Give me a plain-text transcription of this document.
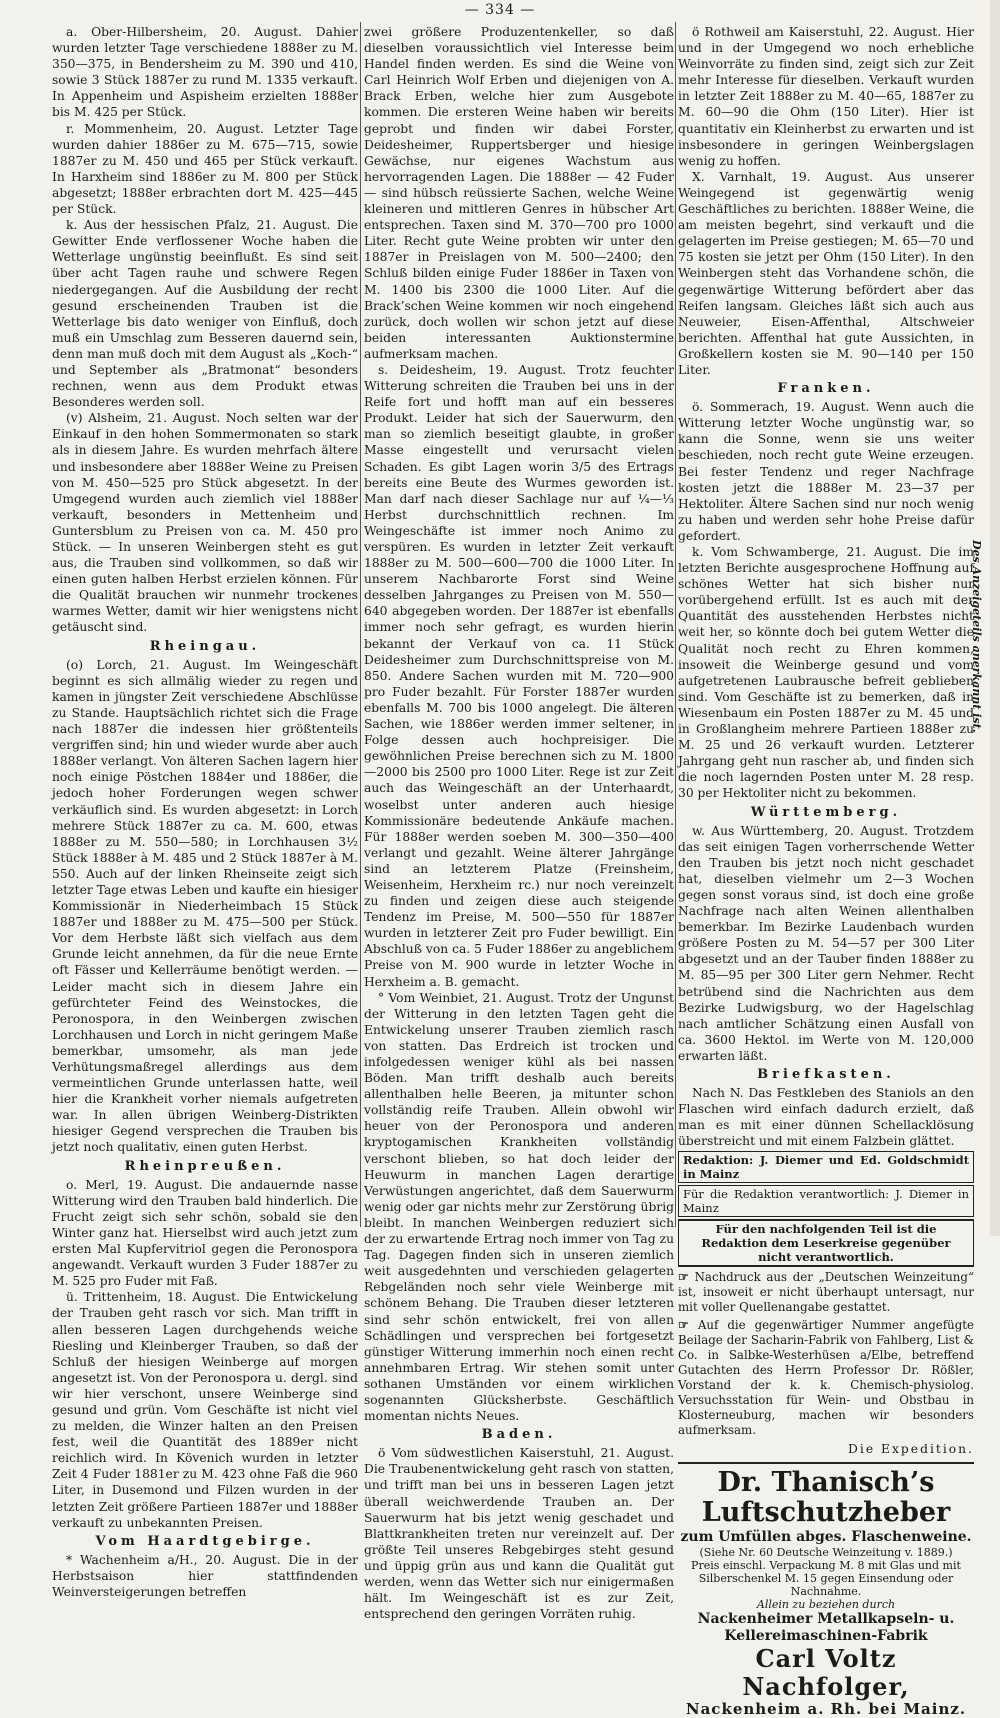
— 334 —

a. Ober-Hilbersheim, 20. August. Dahier wurden letzter Tage verschiedene 1888er zu M. 350—375, in Bendersheim zu M. 390 und 410, sowie 3 Stück 1887er zu rund M. 1335 verkauft. In Appenheim und Aspisheim erzielten 1888er bis M. 425 per Stück.

r. Mommenheim, 20. August. Letzter Tage wurden dahier 1886er zu M. 675—715, sowie 1887er zu M. 450 und 465 per Stück verkauft. In Harxheim sind 1886er zu M. 800 per Stück abgesetzt; 1888er erbrachten dort M. 425—445 per Stück.

k. Aus der hessischen Pfalz, 21. August. Die Gewitter Ende verflossener Woche haben die Wetterlage ungünstig beeinflußt. Es sind seit über acht Tagen rauhe und schwere Regen niedergegangen. Auf die Ausbildung der recht gesund erscheinenden Trauben ist die Wetterlage bis dato weniger von Einfluß, doch muß ein Umschlag zum Besseren dauernd sein, denn man muß doch mit dem August als „Koch-“ und September als „Bratmonat“ besonders rechnen, wenn aus dem Produkt etwas Besonderes werden soll.

(v) Alsheim, 21. August. Noch selten war der Einkauf in den hohen Sommermonaten so stark als in diesem Jahre. Es wurden mehrfach ältere und insbesondere aber 1888er Weine zu Preisen von M. 450—525 pro Stück abgesetzt. In der Umgegend wurden auch ziemlich viel 1888er verkauft, besonders in Mettenheim und Guntersblum zu Preisen von ca. M. 450 pro Stück. — In unseren Weinbergen steht es gut aus, die Trauben sind vollkommen, so daß wir einen guten halben Herbst erzielen können. Für die Qualität brauchen wir nunmehr trockenes warmes Wetter, damit wir hier wenigstens nicht getäuscht sind.

Rheingau.

(o) Lorch, 21. August. Im Weingeschäft beginnt es sich allmälig wieder zu regen und kamen in jüngster Zeit verschiedene Abschlüsse zu Stande. Hauptsächlich richtet sich die Frage nach 1887er die indessen hier größtenteils vergriffen sind; hin und wieder wurde aber auch 1888er verlangt. Von älteren Sachen lagern hier noch einige Pöstchen 1884er und 1886er, die jedoch hoher Forderungen wegen schwer verkäuflich sind. Es wurden abgesetzt: in Lorch mehrere Stück 1887er zu ca. M. 600, etwas 1888er zu M. 550—580; in Lorchhausen 3½ Stück 1888er à M. 485 und 2 Stück 1887er à M. 550. Auch auf der linken Rheinseite zeigt sich letzter Tage etwas Leben und kaufte ein hiesiger Kommissionär in Niederheimbach 15 Stück 1887er und 1888er zu M. 475—500 per Stück. Vor dem Herbste läßt sich vielfach aus dem Grunde leicht annehmen, da für die neue Ernte oft Fässer und Kellerräume benötigt werden. — Leider macht sich in diesem Jahre ein gefürchteter Feind des Weinstockes, die Peronospora, in den Weinbergen zwischen Lorchhausen und Lorch in nicht geringem Maße bemerkbar, umsomehr, als man jede Verhütungsmaßregel allerdings aus dem vermeintlichen Grunde unterlassen hatte, weil hier die Krankheit vorher niemals aufgetreten war. In allen übrigen Weinberg-Distrikten hiesiger Gegend versprechen die Trauben bis jetzt noch qualitativ, einen guten Herbst.

Rheinpreußen.

o. Merl, 19. August. Die andauernde nasse Witterung wird den Trauben bald hinderlich. Die Frucht zeigt sich sehr schön, sobald sie den Winter ganz hat. Hierselbst wird auch jetzt zum ersten Mal Kupfervitriol gegen die Peronospora angewandt. Verkauft wurden 3 Fuder 1887er zu M. 525 pro Fuder mit Faß.

ü. Trittenheim, 18. August. Die Entwickelung der Trauben geht rasch vor sich. Man trifft in allen besseren Lagen durchgehends weiche Riesling und Kleinberger Trauben, so daß der Schluß der hiesigen Weinberge auf morgen angesetzt ist. Von der Peronospora u. dergl. sind wir hier verschont, unsere Weinberge sind gesund und grün. Vom Geschäfte ist nicht viel zu melden, die Winzer halten an den Preisen fest, weil die Quantität des 1889er nicht reichlich wird. In Kövenich wurden in letzter Zeit 4 Fuder 1881er zu M. 423 ohne Faß die 960 Liter, in Dusemond und Filzen wurden in der letzten Zeit größere Partieen 1887er und 1888er verkauft zu unbekannten Preisen.

Vom Haardtgebirge.

* Wachenheim a/H., 20. August. Die in der Herbstsaison hier stattfindenden Weinversteigerungen betreffen

zwei größere Produzentenkeller, so daß dieselben voraussichtlich viel Interesse beim Handel finden werden. Es sind die Weine von Carl Heinrich Wolf Erben und diejenigen von A. Brack Erben, welche hier zum Ausgebote kommen. Die ersteren Weine haben wir bereits geprobt und finden wir dabei Forster, Deidesheimer, Ruppertsberger und hiesige Gewächse, nur eigenes Wachstum aus hervorragenden Lagen. Die 1888er — 42 Fuder — sind hübsch reüssierte Sachen, welche Weine kleineren und mittleren Genres in hübscher Art entsprechen. Taxen sind M. 370—700 pro 1000 Liter. Recht gute Weine probten wir unter den 1887er in Preislagen von M. 500—2400; den Schluß bilden einige Fuder 1886er in Taxen von M. 1400 bis 2300 die 1000 Liter. Auf die Brack’schen Weine kommen wir noch eingehend zurück, doch wollen wir schon jetzt auf diese beiden interessanten Auktionstermine aufmerksam machen.

s. Deidesheim, 19. August. Trotz feuchter Witterung schreiten die Trauben bei uns in der Reife fort und hofft man auf ein besseres Produkt. Leider hat sich der Sauerwurm, den man so ziemlich beseitigt glaubte, in großer Masse eingestellt und verursacht vielen Schaden. Es gibt Lagen worin 3/5 des Ertrags bereits eine Beute des Wurmes geworden ist. Man darf nach dieser Sachlage nur auf ¼—⅓ Herbst durchschnittlich rechnen. Im Weingeschäfte ist immer noch Animo zu verspüren. Es wurden in letzter Zeit verkauft 1888er zu M. 500—600—700 die 1000 Liter. In unserem Nachbarorte Forst sind Weine desselben Jahrganges zu Preisen von M. 550—640 abgegeben worden. Der 1887er ist ebenfalls immer noch sehr gefragt, es wurden hierin bekannt der Verkauf von ca. 11 Stück Deidesheimer zum Durchschnittspreise von M. 850. Andere Sachen wurden mit M. 720—900 pro Fuder bezahlt. Für Forster 1887er wurden ebenfalls M. 700 bis 1000 angelegt. Die älteren Sachen, wie 1886er werden immer seltener, in Folge dessen auch hochpreisiger. Die gewöhnlichen Preise berechnen sich zu M. 1800—2000 bis 2500 pro 1000 Liter. Rege ist zur Zeit auch das Weingeschäft an der Unterhaardt, woselbst unter anderen auch hiesige Kommissionäre bedeutende Ankäufe machen. Für 1888er werden soeben M. 300—350—400 verlangt und gezahlt. Weine älterer Jahrgänge sind an letzterem Platze (Freinsheim, Weisenheim, Herxheim rc.) nur noch vereinzelt zu finden und zeigen diese auch steigende Tendenz im Preise, M. 500—550 für 1887er wurden in letzterer Zeit pro Fuder bewilligt. Ein Abschluß von ca. 5 Fuder 1886er zu angeblichem Preise von M. 900 wurde in letzter Woche in Herxheim a. B. gemacht.

° Vom Weinbiet, 21. August. Trotz der Ungunst der Witterung in den letzten Tagen geht die Entwickelung unserer Trauben ziemlich rasch von statten. Das Erdreich ist trocken und infolgedessen weniger kühl als bei nassen Böden. Man trifft deshalb auch bereits allenthalben helle Beeren, ja mitunter schon vollständig reife Trauben. Allein obwohl wir heuer von der Peronospora und anderen kryptogamischen Krankheiten vollständig verschont blieben, so hat doch leider der Heuwurm in manchen Lagen derartige Verwüstungen angerichtet, daß dem Sauerwurm wenig oder gar nichts mehr zur Zerstörung übrig bleibt. In manchen Weinbergen reduziert sich der zu erwartende Ertrag noch immer von Tag zu Tag. Dagegen finden sich in unseren ziemlich weit ausgedehnten und verschieden gelagerten Rebgeländen noch sehr viele Weinberge mit schönem Behang. Die Trauben dieser letzteren sind sehr schön entwickelt, frei von allen Schädlingen und versprechen bei fortgesetzt günstiger Witterung immerhin noch einen recht annehmbaren Ertrag. Wir stehen somit unter sothanen Umständen vor einem wirklichen sogenannten Glücksherbste. Geschäftlich momentan nichts Neues.

Baden.

ö Vom südwestlichen Kaiserstuhl, 21. August. Die Traubenentwickelung geht rasch von statten, und trifft man bei uns in besseren Lagen jetzt überall weichwerdende Trauben an. Der Sauerwurm hat bis jetzt wenig geschadet und Blattkrankheiten treten nur vereinzelt auf. Der größte Teil unseres Rebgebirges steht gesund und üppig grün aus und kann die Qualität gut werden, wenn das Wetter sich nur einigermaßen hält. Im Weingeschäft ist es zur Zeit, entsprechend den geringen Vorräten ruhig.

ö Rothweil am Kaiserstuhl, 22. August. Hier und in der Umgegend wo noch erhebliche Weinvorräte zu finden sind, zeigt sich zur Zeit mehr Interesse für dieselben. Verkauft wurden in letzter Zeit 1888er zu M. 40—65, 1887er zu M. 60—90 die Ohm (150 Liter). Hier ist quantitativ ein Kleinherbst zu erwarten und ist insbesondere in geringen Weinbergslagen wenig zu hoffen.

X. Varnhalt, 19. August. Aus unserer Weingegend ist gegenwärtig wenig Geschäftliches zu berichten. 1888er Weine, die am meisten begehrt, sind verkauft und die gelagerten im Preise gestiegen; M. 65—70 und 75 kosten sie jetzt per Ohm (150 Liter). In den Weinbergen steht das Vorhandene schön, die gegenwärtige Witterung befördert aber das Reifen langsam. Gleiches läßt sich auch aus Neuweier, Eisen-Affenthal, Altschweier berichten. Affenthal hat gute Aussichten, in Großkellern kosten sie M. 90—140 per 150 Liter.

Franken.

ö. Sommerach, 19. August. Wenn auch die Witterung letzter Woche ungünstig war, so kann die Sonne, wenn sie uns weiter beschieden, noch recht gute Weine erzeugen. Bei fester Tendenz und reger Nachfrage kosten jetzt die 1888er M. 23—37 per Hektoliter. Ältere Sachen sind nur noch wenig zu haben und werden sehr hohe Preise dafür gefordert.

k. Vom Schwamberge, 21. August. Die im letzten Berichte ausgesprochene Hoffnung auf schönes Wetter hat sich bisher nur vorübergehend erfüllt. Ist es auch mit der Quantität des ausstehenden Herbstes nicht weit her, so könnte doch bei gutem Wetter die Qualität noch recht zu Ehren kommen, insoweit die Weinberge gesund und vom aufgetretenen Laubrausche befreit geblieben sind. Vom Geschäfte ist zu bemerken, daß in Wiesenbaum ein Posten 1887er zu M. 45 und in Großlangheim mehrere Partieen 1888er zu M. 25 und 26 verkauft wurden. Letzterer Jahrgang geht nun rascher ab, und finden sich die noch lagernden Posten unter M. 28 resp. 30 per Hektoliter nicht zu bekommen.

Württemberg.

w. Aus Württemberg, 20. August. Trotzdem das seit einigen Tagen vorherrschende Wetter den Trauben bis jetzt noch nicht geschadet hat, dieselben vielmehr um 2—3 Wochen gegen sonst voraus sind, ist doch eine große Nachfrage nach alten Weinen allenthalben bemerkbar. Im Bezirke Laudenbach wurden größere Posten zu M. 54—57 per 300 Liter abgesetzt und an der Tauber finden 1888er zu M. 85—95 per 300 Liter gern Nehmer. Recht betrübend sind die Nachrichten aus dem Bezirke Ludwigsburg, wo der Hagelschlag nach amtlicher Schätzung einen Ausfall von ca. 3600 Hektol. im Werte von M. 120,000 erwarten läßt.

Briefkasten.

Nach N. Das Festkleben des Staniols an den Flaschen wird einfach dadurch erzielt, daß man es mit einer dünnen Schellacklösung überstreicht und mit einem Falzbein glättet.

Redaktion: J. Diemer und Ed. Goldschmidt in Mainz
Für die Redaktion verantwortlich: J. Diemer in Mainz
Für den nachfolgenden Teil ist die Redaktion dem Leserkreise gegenüber nicht verantwortlich.

☞ Nachdruck aus der „Deutschen Weinzeitung“ ist, insoweit er nicht überhaupt untersagt, nur mit voller Quellenangabe gestattet.

☞ Auf die gegenwärtiger Nummer angefügte Beilage der Sacharin-Fabrik von Fahlberg, List & Co. in Salbke-Westerhüsen a/Elbe, betreffend Gutachten des Herrn Professor Dr. Rößler, Vorstand der k. k. Chemisch-physiolog. Versuchsstation für Wein- und Obstbau in Klosterneuburg, machen wir besonders aufmerksam.

Die Expedition.

Dr. Thanisch’s Luftschutzheber
zum Umfüllen abges. Flaschenweine.
(Siehe Nr. 60 Deutsche Weinzeitung v. 1889.)
Preis einschl. Verpackung M. 8 mit Glas und mit Silberschenkel M. 15 gegen Einsendung oder Nachnahme.
Allein zu beziehen durch
Nackenheimer Metallkapseln- u. Kellereimaschinen-Fabrik
Carl Voltz Nachfolger,
Nackenheim a. Rh. bei Mainz.
Des Anzeigeteils anerkannt ist.
